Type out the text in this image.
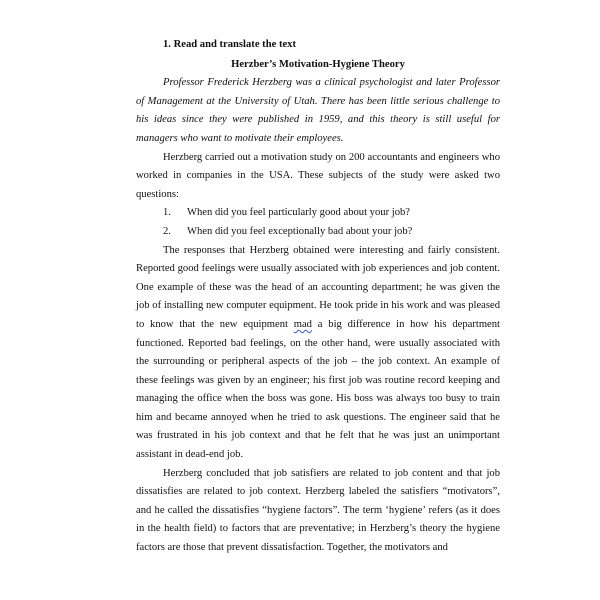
1. Read and translate the text
Herzber’s Motivation-Hygiene Theory

Professor Frederick Herzberg was a clinical psychologist and later Professor of Management at the University of Utah. There has been little serious challenge to his ideas since they were published in 1959, and this theory is still useful for managers who want to motivate their employees.

Herzberg carried out a motivation study on 200 accountants and engineers who worked in companies in the USA. These subjects of the study were asked two questions:

1. When did you feel particularly good about your job?
2. When did you feel exceptionally bad about your job?

The responses that Herzberg obtained were interesting and fairly consistent. Reported good feelings were usually associated with job experiences and job content. One example of these was the head of an accounting department; he was given the job of installing new computer equipment. He took pride in his work and was pleased to know that the new equipment mad a big difference in how his department functioned. Reported bad feelings, on the other hand, were usually associated with the surrounding or peripheral aspects of the job – the job context. An example of these feelings was given by an engineer; his first job was routine record keeping and managing the office when the boss was gone. His boss was always too busy to train him and became annoyed when he tried to ask questions. The engineer said that he was frustrated in his job context and that he felt that he was just an unimportant assistant in dead-end job.

Herzberg concluded that job satisfiers are related to job content and that job dissatisfies are related to job context. Herzberg labeled the satisfiers “motivators”, and he called the dissatisfies “hygiene factors”. The term ‘hygiene’ refers (as it does in the health field) to factors that are preventative; in Herzberg’s theory the hygiene factors are those that prevent dissatisfaction. Together, the motivators and
